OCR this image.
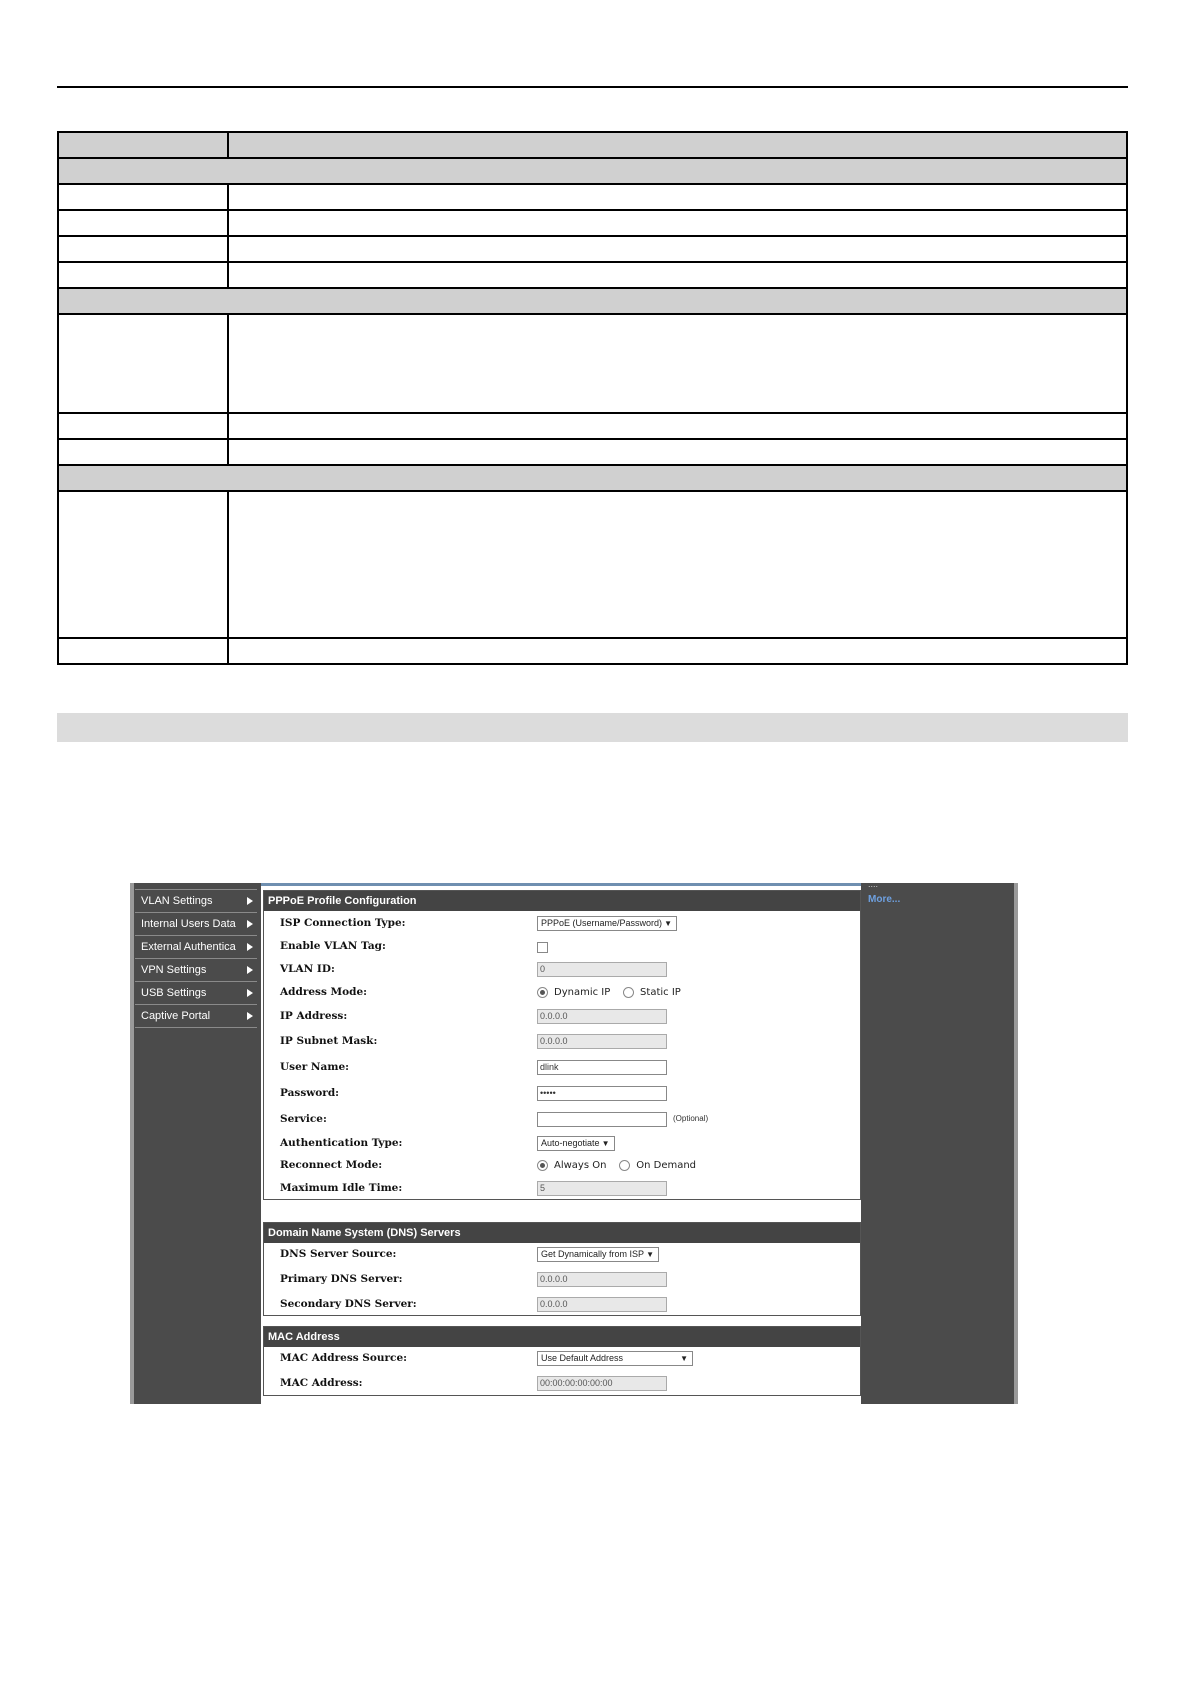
VLAN Settings
Internal Users Data
External Authentica
VPN Settings
USB Settings
Captive Portal
PPPoE Profile Configuration
ISP Connection Type:	PPPoE (Username/Password) ▼
Enable VLAN Tag:
VLAN ID:	0
Address Mode:	Dynamic IP	Static IP
IP Address:	0.0.0.0
IP Subnet Mask:	0.0.0.0
User Name:	dlink
Password:	•••••
Service:	(Optional)
Authentication Type:	Auto-negotiate ▼
Reconnect Mode:	Always On	On Demand
Maximum Idle Time:	5
Domain Name System (DNS) Servers
DNS Server Source:	Get Dynamically from ISP ▼
Primary DNS Server:	0.0.0.0
Secondary DNS Server:	0.0.0.0
MAC Address
MAC Address Source:	Use Default Address	▼
MAC Address:	00:00:00:00:00:00
....
More...
